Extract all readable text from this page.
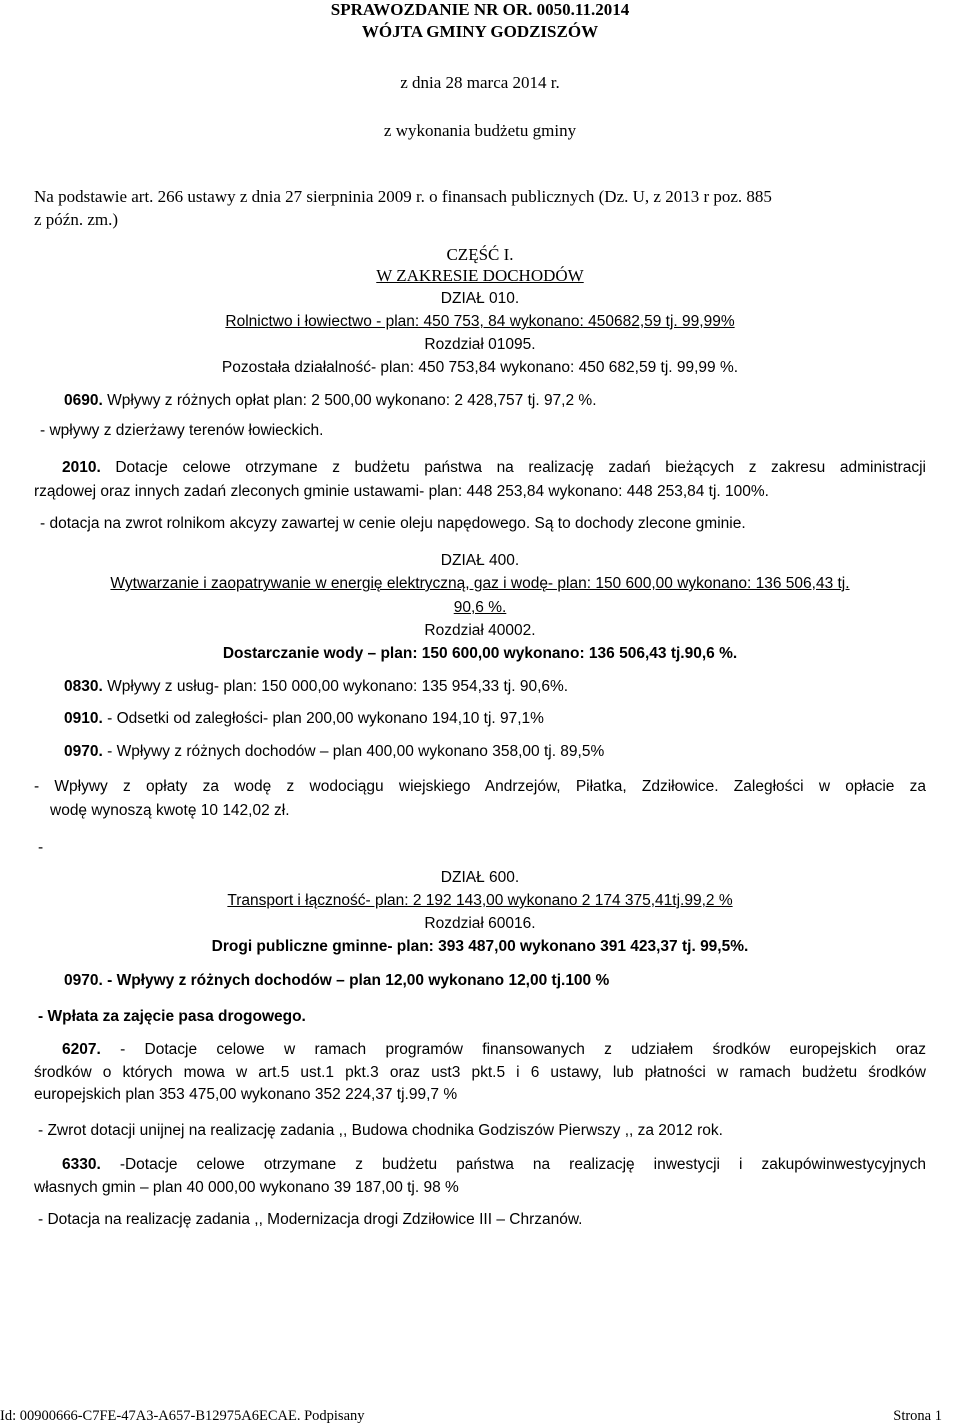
SPRAWOZDANIE NR OR. 0050.11.2014
WÓJTA GMINY GODZISZÓW
z dnia 28 marca 2014 r.
z wykonania budżetu gminy
Na podstawie art. 266 ustawy z dnia 27 sierpninia 2009 r. o finansach publicznych (Dz. U, z 2013 r poz. 885
z późn. zm.)
CZĘŚĆ I.
W ZAKRESIE DOCHODÓW
DZIAŁ 010.
Rolnictwo i łowiectwo - plan: 450 753, 84 wykonano: 450682,59 tj. 99,99%
Rozdział 01095.
Pozostała działalność- plan: 450 753,84 wykonano: 450 682,59 tj. 99,99 %.
0690. Wpływy z różnych opłat plan: 2 500,00 wykonano: 2 428,757 tj. 97,2 %.
- wpływy z dzierżawy terenów łowieckich.
2010. Dotacje celowe otrzymane z budżetu państwa na realizację zadań bieżących z zakresu administracji
rządowej oraz innych zadań zleconych gminie ustawami- plan: 448 253,84 wykonano: 448 253,84 tj. 100%.
- dotacja na zwrot rolnikom akcyzy zawartej w cenie oleju napędowego. Są to dochody zlecone gminie.
DZIAŁ 400.
Wytwarzanie i zaopatrywanie w energię elektryczną, gaz i wodę- plan: 150 600,00 wykonano: 136 506,43 tj.
90,6 %.
Rozdział 40002.
Dostarczanie wody – plan: 150 600,00 wykonano: 136 506,43 tj.90,6 %.
0830. Wpływy z usług- plan: 150 000,00 wykonano: 135 954,33 tj. 90,6%.
0910. - Odsetki od zaległości- plan 200,00 wykonano 194,10 tj. 97,1%
0970. - Wpływy z różnych dochodów – plan 400,00 wykonano 358,00 tj. 89,5%
- Wpływy z opłaty za wodę z wodociągu wiejskiego Andrzejów, Piłatka, Zdziłowice. Zaległości w opłacie za
wodę wynoszą kwotę 10 142,02 zł.
-
DZIAŁ 600.
Transport i łączność- plan: 2 192 143,00 wykonano 2 174 375,41tj.99,2 %
Rozdział 60016.
Drogi publiczne gminne- plan: 393 487,00 wykonano 391 423,37 tj. 99,5%.
0970. - Wpływy z różnych dochodów – plan 12,00 wykonano 12,00 tj.100 %
- Wpłata za zajęcie pasa drogowego.
6207. - Dotacje celowe w ramach programów finansowanych z udziałem środków europejskich oraz
środków o których mowa w art.5 ust.1 pkt.3 oraz ust3 pkt.5 i 6 ustawy, lub płatności w ramach budżetu środków
europejskich plan 353 475,00 wykonano 352 224,37 tj.99,7 %
- Zwrot dotacji unijnej na realizację zadania ,, Budowa chodnika Godziszów Pierwszy ,, za 2012 rok.
6330. -Dotacje celowe otrzymane z budżetu państwa na realizację inwestycji i zakupówinwestycyjnych
własnych gmin – plan 40 000,00 wykonano 39 187,00 tj. 98 %
- Dotacja na realizację zadania ,, Modernizacja drogi Zdziłowice III – Chrzanów.
Id: 00900666-C7FE-47A3-A657-B12975A6ECAE. Podpisany	Strona 1
